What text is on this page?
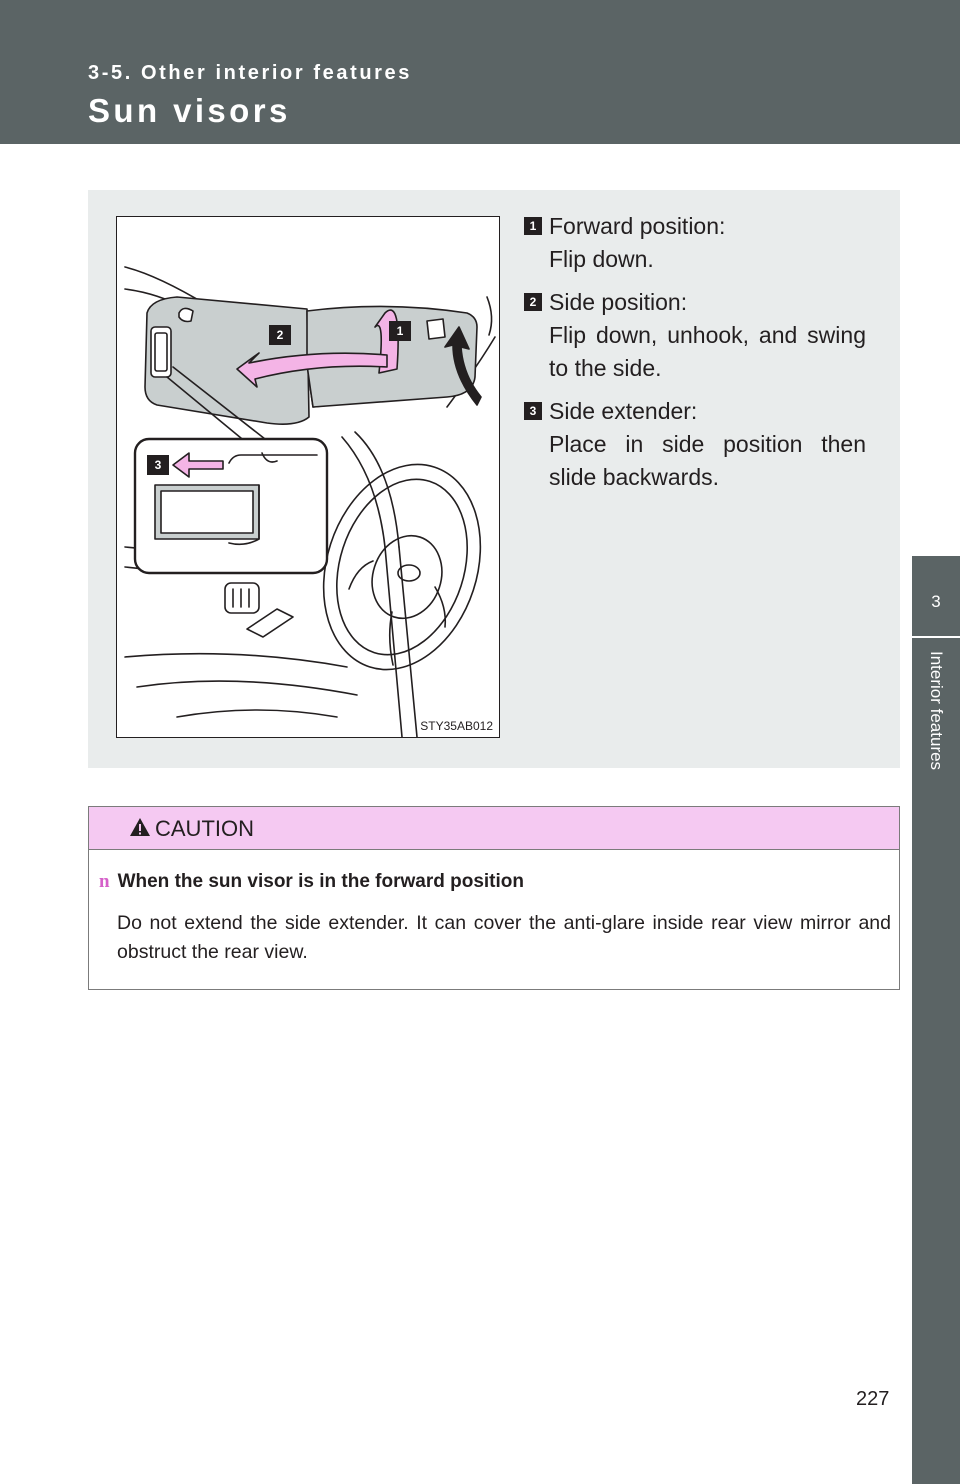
3-5. Other interior features
Sun visors
3
Interior features
2	1
3
STY35AB012
1 Forward position:
Flip down.
2 Side position:
Flip down, unhook, and swing to the side.
3 Side extender:
Place in side position then slide backwards.
CAUTION
n When the sun visor is in the forward position
Do not extend the side extender. It can cover the anti-glare inside rear view mirror and obstruct the rear view.
227
